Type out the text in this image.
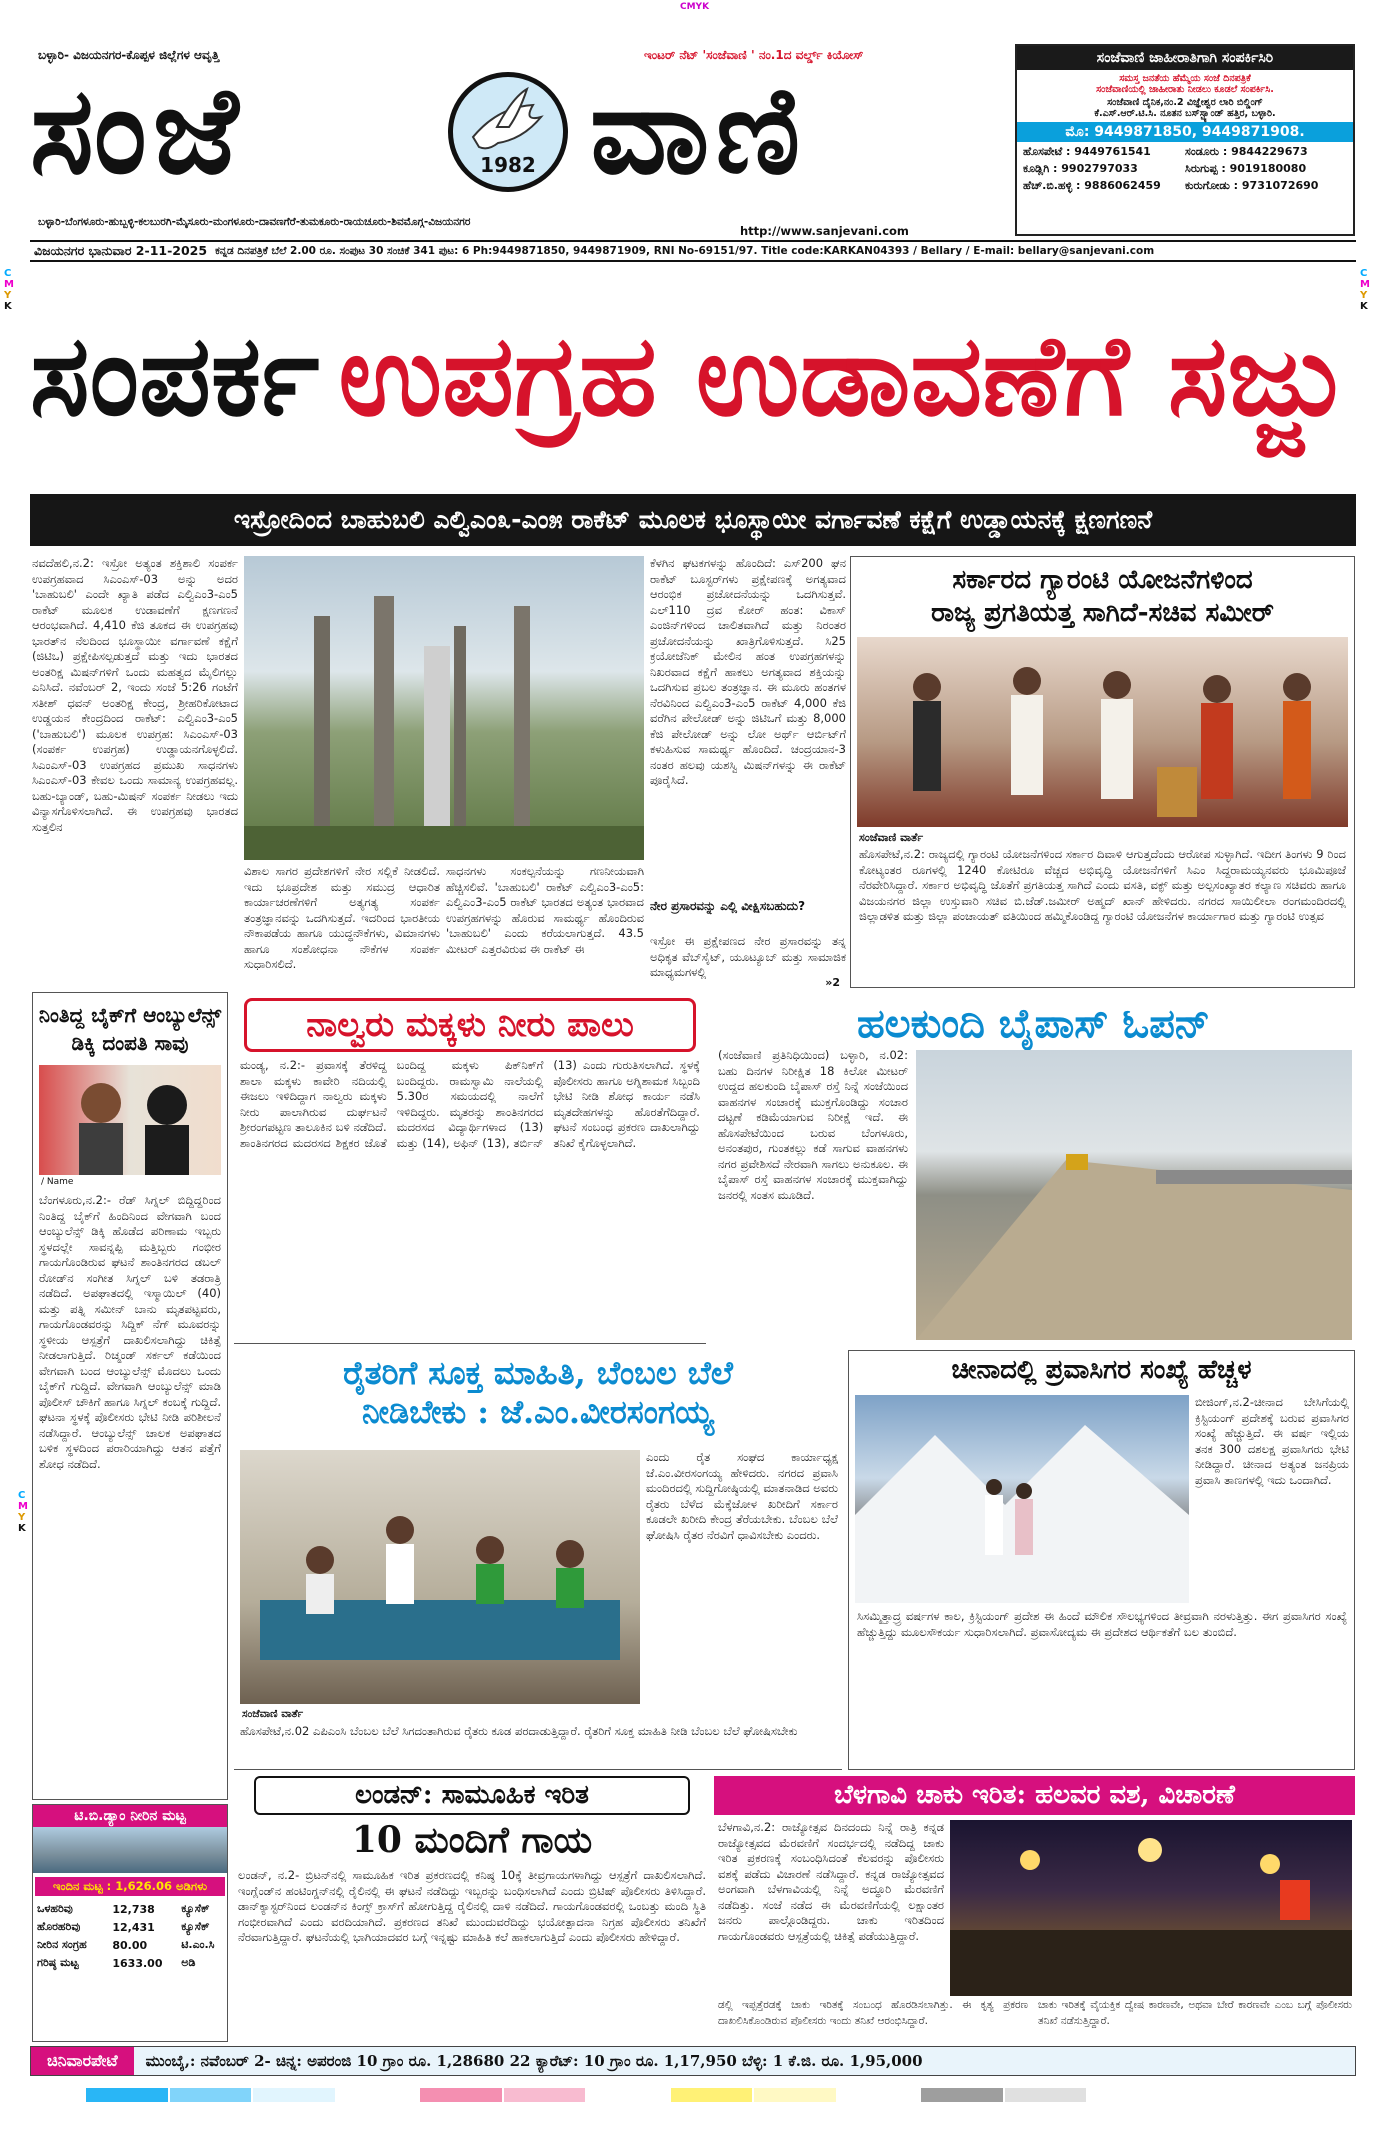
CMYK
C
M
Y
K
C
M
Y
K
C
M
Y
K
ಬಳ್ಳಾರಿ- ವಿಜಯನಗರ-ಕೊಪ್ಪಳ ಜಿಲ್ಲೆಗಳ ಆವೃತ್ತಿ	ಇಂಟರ್ ನೆಟ್ 'ಸಂಜೆವಾಣಿ ' ನಂ.1ದ ವರ್ಲ್ಡ್ ಕಿಯೋಸ್
ಸಂಜೆ	1982 ವಾಣಿ
ಬಳ್ಳಾರಿ-ಬೆಂಗಳೂರು-ಹುಬ್ಬಳ್ಳಿ-ಕಲಬುರಗಿ-ಮೈಸೂರು-ಮಂಗಳೂರು-ದಾವಣಗೆರೆ-ತುಮಕೂರು-ರಾಯಚೂರು-ಶಿವಮೊಗ್ಗ-ವಿಜಯನಗರ
http://www.sanjevani.com
ಸಂಜೆವಾಣಿ ಜಾಹೀರಾತಿಗಾಗಿ ಸಂಪರ್ಕಿಸಿರಿ
ಸಮಸ್ತ ಜನತೆಯ ಹೆಮ್ಮೆಯ ಸಂಜೆ ದಿನಪತ್ರಿಕೆ
ಸಂಜೆವಾಣಿಯಲ್ಲಿ ಜಾಹೀರಾತು ನೀಡಲು ಕೂಡಲೆ ಸಂಪರ್ಕಿಸಿ.
ಸಂಜೆವಾಣಿ ದೈನಿಕ,ನಂ.2 ವಿಜ್ಞೇಶ್ವರ ಲಾರಿ ಬಿಲ್ಡಿಂಗ್
ಕೆ.ಎಸ್.ಆರ್.ಟಿ.ಸಿ. ನೂತನ ಬಸ್‌ಸ್ಟ್ಯಾಂಡ್ ಹತ್ತಿರ, ಬಳ್ಳಾರಿ.
ಮೊ: 9449871850, 9449871908.
ಹೊಸಪೇಟೆ : 9449761541	ಸಂಡೂರು : 9844229673
ಕೂಡ್ಲಿಗಿ : 9902797033	ಸಿರುಗುಪ್ಪ : 9019180080
ಹೆಚ್.ಬಿ.ಹಳ್ಳಿ : 9886062459	ಕುರುಗೋಡು : 9731072690
ವಿಜಯನಗರ ಭಾನುವಾರ 2-11-2025 ಕನ್ನಡ ದಿನಪತ್ರಿಕೆ ಬೆಲೆ 2.00 ರೂ. ಸಂಪುಟ 30 ಸಂಚಿಕೆ 341 ಪುಟ: 6 Ph:9449871850, 9449871909, RNI No-69151/97. Title code:KARKAN04393 / Bellary / E-mail: bellary@sanjevani.com
ಸಂಪರ್ಕ ಉಪಗ್ರಹ ಉಡಾವಣೆಗೆ ಸಜ್ಜು
ಇಸ್ರೋದಿಂದ ಬಾಹುಬಲಿ ಎಲ್ವಿಎಂ೩-ಎಂ೫ ರಾಕೆಟ್ ಮೂಲಕ ಭೂಸ್ಥಾಯೀ ವರ್ಗಾವಣೆ ಕಕ್ಷೆಗೆ ಉಡ್ಡಾಯನಕ್ಕೆ ಕ್ಷಣಗಣನೆ
ನವದೆಹಲಿ,ನ.2: ಇಸ್ರೋ ಅತ್ಯಂತ ಶಕ್ತಿಶಾಲಿ ಸಂಪರ್ಕ ಉಪಗ್ರಹವಾದ ಸಿಎಂಎಸ್-03 ಅನ್ನು ಅದರ 'ಬಾಹುಬಲಿ' ಎಂದೇ ಖ್ಯಾತಿ ಪಡೆದ ಎಲ್ವಿಎಂ3-ಎಂ5 ರಾಕೆಟ್ ಮೂಲಕ ಉಡಾವಣೆಗೆ ಕ್ಷಣಗಣನೆ ಆರಂಭವಾಗಿದೆ. 4,410 ಕೆಜಿ ತೂಕದ ಈ ಉಪಗ್ರಹವು ಭಾರತ್‌ನ ನೆಲದಿಂದ ಭೂಸ್ಥಾಯೀ ವರ್ಗಾವಣೆ ಕಕ್ಷೆಗೆ (ಜಿಟಿಒ) ಪ್ರಕ್ಷೇಪಿಸಲ್ಪಡುತ್ತದೆ ಮತ್ತು ಇದು ಭಾರತದ ಅಂತರಿಕ್ಷ ಮಿಷನ್‌ಗಳಿಗೆ ಒಂದು ಮಹತ್ವದ ಮೈಲಿಗಲ್ಲು ಎನಿಸಿದೆ. ನವೆಂಬರ್ 2, ಇಂದು ಸಂಜೆ 5:26 ಗಂಟೆಗೆ ಸತೀಶ್ ಧವನ್ ಅಂತರಿಕ್ಷ ಕೇಂದ್ರ, ಶ್ರೀಹರಿಕೋಟಾದ ಉಡ್ಡಯನ ಕೇಂದ್ರದಿಂದ ರಾಕೆಟ್: ಎಲ್ವಿಎಂ3-ಎಂ5 ('ಬಾಹುಬಲಿ') ಮೂಲಕ ಉಪಗ್ರಹ: ಸಿಎಂಎಸ್-03 (ಸಂಪರ್ಕ ಉಪಗ್ರಹ) ಉಡ್ಡಾಯನಗೊಳ್ಳಲಿದೆ. ಸಿಎಂಎಸ್-03 ಉಪಗ್ರಹದ ಪ್ರಮುಖ ಸಾಧನಗಳು ಸಿಎಂಎಸ್-03 ಕೇವಲ ಒಂದು ಸಾಮಾನ್ಯ ಉಪಗ್ರಹವಲ್ಲ. ಬಹು-ಬ್ಯಾಂಡ್, ಬಹು-ಮಿಷನ್ ಸಂಪರ್ಕ ನೀಡಲು ಇದು ವಿನ್ಯಾಸಗೊಳಿಸಲಾಗಿದೆ. ಈ ಉಪಗ್ರಹವು ಭಾರತದ ಸುತ್ತಲಿನ
ವಿಶಾಲ ಸಾಗರ ಪ್ರದೇಶಗಳಿಗೆ ನೇರ ಸಲ್ಲಿಕೆ ನೀಡಲಿದೆ. ಇದು ಭೂಪ್ರದೇಶ ಮತ್ತು ಸಮುದ್ರ ಆಧಾರಿತ ಕಾರ್ಯಾಚರಣೆಗಳಿಗೆ ಅತ್ಯಗತ್ಯ ಸಂಪರ್ಕ ತಂತ್ರಜ್ಞಾನವನ್ನು ಒದಗಿಸುತ್ತದೆ. ಇದರಿಂದ ಭಾರತೀಯ ನೌಕಾಪಡೆಯ ಹಾಗೂ ಯುದ್ಧನೌಕೆಗಳು, ವಿಮಾನಗಳು ಹಾಗೂ ಸಂಶೋಧನಾ ನೌಕೆಗಳ ಸಂಪರ್ಕ ಸುಧಾರಿಸಲಿದೆ.
ಸಾಧನಗಳು ಸಂಕಲ್ಪನೆಯನ್ನು ಗಣನೀಯವಾಗಿ ಹೆಚ್ಚಿಸಲಿವೆ. 'ಬಾಹುಬಲಿ' ರಾಕೆಟ್ ಎಲ್ವಿಎಂ3-ಎಂ5: ಎಲ್ವಿಎಂ3-ಎಂ5 ರಾಕೆಟ್ ಭಾರತದ ಅತ್ಯಂತ ಭಾರವಾದ ಉಪಗ್ರಹಗಳನ್ನು ಹೊರುವ ಸಾಮರ್ಥ್ಯ ಹೊಂದಿರುವ 'ಬಾಹುಬಲಿ' ಎಂದು ಕರೆಯಲಾಗುತ್ತದೆ. 43.5 ಮೀಟರ್ ಎತ್ತರವಿರುವ ಈ ರಾಕೆಟ್ ಈ
ಕೆಳಗಿನ ಘಟಕಗಳನ್ನು ಹೊಂದಿದೆ: ಎಸ್200 ಘನ ರಾಕೆಟ್ ಬೂಸ್ಟರ್‌ಗಳು ಪ್ರಕ್ಷೇಪಣಕ್ಕೆ ಅಗತ್ಯವಾದ ಆರಂಭಿಕ ಪ್ರಚೋದನೆಯನ್ನು ಒದಗಿಸುತ್ತವೆ. ಎಲ್110 ದ್ರವ ಕೋರ್ ಹಂತ: ವಿಕಾಸ್ ಎಂಜಿನ್‌ಗಳಿಂದ ಚಾಲಿತವಾಗಿದೆ ಮತ್ತು ನಿರಂತರ ಪ್ರಚೋದನೆಯನ್ನು ಖಾತ್ರಿಗೊಳಿಸುತ್ತದೆ. ಸಿ25 ಕ್ರಯೋಜೆನಿಕ್ ಮೇಲಿನ ಹಂತ ಉಪಗ್ರಹಗಳನ್ನು ನಿಖರವಾದ ಕಕ್ಷೆಗೆ ಹಾಕಲು ಅಗತ್ಯವಾದ ಶಕ್ತಿಯನ್ನು ಒದಗಿಸುವ ಪ್ರಬಲ ತಂತ್ರಜ್ಞಾನ. ಈ ಮೂರು ಹಂತಗಳ ನೆರವಿನಿಂದ ಎಲ್ವಿಎಂ3-ಎಂ5 ರಾಕೆಟ್ 4,000 ಕೆಜಿ ವರೆಗಿನ ಪೇಲೋಡ್ ಅನ್ನು ಜಿಟಿಒಗೆ ಮತ್ತು 8,000 ಕೆಜಿ ಪೇಲೋಡ್ ಅನ್ನು ಲೋ ಅರ್ಥ್ ಆರ್ಬಿಟ್‌ಗೆ ಕಳುಹಿಸುವ ಸಾಮರ್ಥ್ಯ ಹೊಂದಿದೆ. ಚಂದ್ರಯಾನ-3 ನಂತರ ಹಲವು ಯಶಸ್ವಿ ಮಿಷನ್‌ಗಳನ್ನು ಈ ರಾಕೆಟ್ ಪೂರೈಸಿದೆ.
ನೇರ ಪ್ರಸಾರವನ್ನು ಎಲ್ಲಿ ವೀಕ್ಷಿಸಬಹುದು?
ಇಸ್ರೋ ಈ ಪ್ರಕ್ಷೇಪಣದ ನೇರ ಪ್ರಸಾರವನ್ನು ತನ್ನ ಅಧಿಕೃತ ವೆಬ್‌ಸೈಟ್, ಯೂಟ್ಯೂಬ್ ಮತ್ತು ಸಾಮಾಜಿಕ ಮಾಧ್ಯಮಗಳಲ್ಲಿ
»2
ಸರ್ಕಾರದ ಗ್ಯಾರಂಟಿ ಯೋಜನೆಗಳಿಂದ
ರಾಜ್ಯ ಪ್ರಗತಿಯತ್ತ ಸಾಗಿದೆ-ಸಚಿವ ಸಮೀರ್
ಸಂಜೆವಾಣಿ ವಾರ್ತೆ
ಹೊಸಪೇಟೆ,ನ.2: ರಾಜ್ಯದಲ್ಲಿ ಗ್ಯಾರಂಟಿ ಯೋಜನೆಗಳಿಂದ ಸರ್ಕಾರ ದಿವಾಳಿ ಆಗುತ್ತದೆಂದು ಆರೋಪ ಸುಳ್ಳಾಗಿದೆ. ಇದೀಗ ತಿಂಗಳು 9 ರಿಂದ ಕೋಟ್ಯಂತರ ರೂಗಳಲ್ಲಿ 1240 ಕೋಟಿರೂ ವೆಚ್ಚದ ಅಭಿವೃದ್ಧಿ ಯೋಜನೆಗಳಿಗೆ ಸಿಎಂ ಸಿದ್ದರಾಮಯ್ಯನವರು ಭೂಮಿಪೂಜೆ ನೆರವೇರಿಸಿದ್ದಾರೆ. ಸರ್ಕಾರ ಅಭಿವೃದ್ಧಿ ಜೊತೆಗೆ ಪ್ರಗತಿಯತ್ತ ಸಾಗಿದೆ ಎಂದು ವಸತಿ, ವಕ್ಫ್ ಮತ್ತು ಅಲ್ಪಸಂಖ್ಯಾತರ ಕಲ್ಯಾಣ ಸಚಿವರು ಹಾಗೂ ವಿಜಯನಗರ ಜಿಲ್ಲಾ ಉಸ್ತುವಾರಿ ಸಚಿವ ಬಿ.ಜೆಡ್.ಜಮೀರ್ ಅಹ್ಮದ್ ಖಾನ್ ಹೇಳಿದರು. ನಗರದ ಸಾಯಿಲೀಲಾ ರಂಗಮಂದಿರದಲ್ಲಿ ಜಿಲ್ಲಾಡಳಿತ ಮತ್ತು ಜಿಲ್ಲಾ ಪಂಚಾಯತ್ ವತಿಯಿಂದ ಹಮ್ಮಿಕೊಂಡಿದ್ದ ಗ್ಯಾರಂಟಿ ಯೋಜನೆಗಳ ಕಾರ್ಯಾಗಾರ ಮತ್ತು ಗ್ಯಾರಂಟಿ ಉತ್ಸವ
ನಿಂತಿದ್ದ ಬೈಕ್‌ಗೆ ಆಂಬ್ಯುಲೆನ್ಸ್ ಡಿಕ್ಕಿ ದಂಪತಿ ಸಾವು
/ Name
ಬೆಂಗಳೂರು,ನ.2:- ರೆಡ್ ಸಿಗ್ನಲ್ ಬಿದ್ದಿದ್ದರಿಂದ ನಿಂತಿದ್ದ ಬೈಕ್‌ಗೆ ಹಿಂದಿನಿಂದ ವೇಗವಾಗಿ ಬಂದ ಆಂಬ್ಯುಲೆನ್ಸ್ ಡಿಕ್ಕಿ ಹೊಡೆದ ಪರಿಣಾಮ ಇಬ್ಬರು ಸ್ಥಳದಲ್ಲೇ ಸಾವನ್ನಪ್ಪಿ ಮತ್ತಿಬ್ಬರು ಗಂಭೀರ ಗಾಯಗೊಂಡಿರುವ ಘಟನೆ ಶಾಂತಿನಗರದ ಡಬಲ್ ರೋಡ್‌ನ ಸಂಗೀತ ಸಿಗ್ನಲ್ ಬಳಿ ತಡರಾತ್ರಿ ನಡೆದಿದೆ. ಅಪಘಾತದಲ್ಲಿ ಇಸ್ಮಾಯಿಲ್ (40) ಮತ್ತು ಪತ್ನಿ ಸಮೀನ್ ಬಾನು ಮೃತಪಟ್ಟವರು, ಗಾಯಗೊಂಡವರನ್ನು ಸಿದ್ದಿಕ್ ನೆಗ್ ಮೂವರನ್ನು ಸ್ಥಳೀಯ ಆಸ್ಪತ್ರೆಗೆ ದಾಖಲಿಸಲಾಗಿದ್ದು ಚಿಕಿತ್ಸೆ ನೀಡಲಾಗುತ್ತಿದೆ. ರಿಚ್ಮಂಡ್ ಸರ್ಕಲ್ ಕಡೆಯಿಂದ ವೇಗವಾಗಿ ಬಂದ ಆಂಬ್ಯುಲೆನ್ಸ್ ಮೊದಲು ಒಂದು ಬೈಕ್‌ಗೆ ಗುದ್ದಿದೆ. ವೇಗವಾಗಿ ಆಂಬ್ಯುಲೆನ್ಸ್ ಮಾಡಿ ಪೊಲೀಸ್ ಚೌಕಿಗೆ ಹಾಗೂ ಸಿಗ್ನಲ್ ಕಂಬಕ್ಕೆ ಗುದ್ದಿದೆ. ಘಟನಾ ಸ್ಥಳಕ್ಕೆ ಪೊಲೀಸರು ಭೇಟಿ ನೀಡಿ ಪರಿಶೀಲನೆ ನಡೆಸಿದ್ದಾರೆ. ಆಂಬ್ಯುಲೆನ್ಸ್ ಚಾಲಕ ಅಪಘಾತದ ಬಳಿಕ ಸ್ಥಳದಿಂದ ಪರಾರಿಯಾಗಿದ್ದು ಆತನ ಪತ್ತೆಗೆ ಶೋಧ ನಡೆದಿದೆ.
ನಾಲ್ವರು ಮಕ್ಕಳು ನೀರು ಪಾಲು
ಮಂಡ್ಯ, ನ.2:- ಪ್ರವಾಸಕ್ಕೆ ತೆರಳಿದ್ದ ಶಾಲಾ ಮಕ್ಕಳು ಕಾವೇರಿ ನದಿಯಲ್ಲಿ ಈಜಲು ಇಳಿದಿದ್ದಾಗ ನಾಲ್ವರು ಮಕ್ಕಳು ನೀರು ಪಾಲಾಗಿರುವ ದುರ್ಘಟನೆ ಶ್ರೀರಂಗಪಟ್ಟಣ ತಾಲೂಕಿನ ಬಳಿ ನಡೆದಿದೆ. ಶಾಂತಿನಗರದ ಮದರಸದ ಶಿಕ್ಷಕರ ಜೊತೆ ಬಂದಿದ್ದ ಮಕ್ಕಳು ಪಿಕ್‌ನಿಕ್‌ಗೆ ಬಂದಿದ್ದರು. ರಾಮಸ್ವಾಮಿ ನಾಲೆಯಲ್ಲಿ 5.30ರ ಸಮಯದಲ್ಲಿ ನಾಲೆಗೆ ಇಳಿದಿದ್ದರು. ಮೃತರನ್ನು ಶಾಂತಿನಗರದ ಮದರಸದ ವಿದ್ಯಾರ್ಥಿಗಳಾದ (13) ಮತ್ತು (14), ಅಫಿನ್ (13), ತರ್ಬಿನ್ (13) ಎಂದು ಗುರುತಿಸಲಾಗಿದೆ. ಸ್ಥಳಕ್ಕೆ ಪೊಲೀಸರು ಹಾಗೂ ಅಗ್ನಿಶಾಮಕ ಸಿಬ್ಬಂದಿ ಭೇಟಿ ನೀಡಿ ಶೋಧ ಕಾರ್ಯ ನಡೆಸಿ ಮೃತದೇಹಗಳನ್ನು ಹೊರತೆಗೆದಿದ್ದಾರೆ. ಘಟನೆ ಸಂಬಂಧ ಪ್ರಕರಣ ದಾಖಲಾಗಿದ್ದು ತನಿಖೆ ಕೈಗೊಳ್ಳಲಾಗಿದೆ.
ಹಲಕುಂದಿ ಬೈಪಾಸ್ ಓಪನ್
(ಸಂಜೆವಾಣಿ ಪ್ರತಿನಿಧಿಯಿಂದ) ಬಳ್ಳಾರಿ, ನ.02: ಬಹು ದಿನಗಳ ನಿರೀಕ್ಷಿತ 18 ಕಿಲೋ ಮೀಟರ್ ಉದ್ದದ ಹಲಕುಂದಿ ಬೈಪಾಸ್ ರಸ್ತೆ ನಿನ್ನೆ ಸಂಜೆಯಿಂದ ವಾಹನಗಳ ಸಂಚಾರಕ್ಕೆ ಮುಕ್ತಗೊಂಡಿದ್ದು ಸಂಚಾರ ದಟ್ಟಣೆ ಕಡಿಮೆಯಾಗುವ ನಿರೀಕ್ಷೆ ಇದೆ. ಈ ಹೊಸಪೇಟೆಯಿಂದ ಬರುವ ಬೆಂಗಳೂರು, ಅನಂತಪುರ, ಗುಂತಕಲ್ಲು ಕಡೆ ಸಾಗುವ ವಾಹನಗಳು ನಗರ ಪ್ರವೇಶಿಸದೆ ನೇರವಾಗಿ ಸಾಗಲು ಅನುಕೂಲ. ಈ ಬೈಪಾಸ್ ರಸ್ತೆ ವಾಹನಗಳ ಸಂಚಾರಕ್ಕೆ ಮುಕ್ತವಾಗಿದ್ದು ಜನರಲ್ಲಿ ಸಂತಸ ಮೂಡಿದೆ.
ರೈತರಿಗೆ ಸೂಕ್ತ ಮಾಹಿತಿ, ಬೆಂಬಲ ಬೆಲೆ
ನೀಡಿಬೇಕು : ಜೆ.ಎಂ.ವೀರಸಂಗಯ್ಯ
ಸಂಜೆವಾಣಿ ವಾರ್ತೆ
ಎಂದು ರೈತ ಸಂಘದ ಕಾರ್ಯಾಧ್ಯಕ್ಷ ಜೆ.ಎಂ.ವೀರಸಂಗಯ್ಯ ಹೇಳಿದರು. ನಗರದ ಪ್ರವಾಸಿ ಮಂದಿರದಲ್ಲಿ ಸುದ್ದಿಗೋಷ್ಠಿಯಲ್ಲಿ ಮಾತನಾಡಿದ ಅವರು ರೈತರು ಬೆಳೆದ ಮೆಕ್ಕೆಜೋಳ ಖರೀದಿಗೆ ಸರ್ಕಾರ ಕೂಡಲೇ ಖರೀದಿ ಕೇಂದ್ರ ತೆರೆಯಬೇಕು. ಬೆಂಬಲ ಬೆಲೆ ಘೋಷಿಸಿ ರೈತರ ನೆರವಿಗೆ ಧಾವಿಸಬೇಕು ಎಂದರು.
ಹೊಸಪೇಟೆ,ನ.02 ಎಪಿಎಂಸಿ ಬೆಂಬಲ ಬೆಲೆ ಸಿಗದಂತಾಗಿರುವ ರೈತರು ಕೂಡ ಪರದಾಡುತ್ತಿದ್ದಾರೆ. ರೈತರಿಗೆ ಸೂಕ್ತ ಮಾಹಿತಿ ನೀಡಿ ಬೆಂಬಲ ಬೆಲೆ ಘೋಷಿಸಬೇಕು
ಚೀನಾದಲ್ಲಿ ಪ್ರವಾಸಿಗರ ಸಂಖ್ಯೆ ಹೆಚ್ಚಳ
ಬೀಜಿಂಗ್,ನ.2-ಚೀನಾದ ಬೇಸಿಗೆಯಲ್ಲಿ ಕ್ರಿಸ್ಟಿಯಂಗ್ ಪ್ರದೇಶಕ್ಕೆ ಬರುವ ಪ್ರವಾಸಿಗರ ಸಂಖ್ಯೆ ಹೆಚ್ಚುತ್ತಿದೆ. ಈ ವರ್ಷ ಇಲ್ಲಿಯ ತನಕ 300 ದಶಲಕ್ಷ ಪ್ರವಾಸಿಗರು ಭೇಟಿ ನೀಡಿದ್ದಾರೆ. ಚೀನಾದ ಅತ್ಯಂತ ಜನಪ್ರಿಯ ಪ್ರವಾಸಿ ತಾಣಗಳಲ್ಲಿ ಇದು ಒಂದಾಗಿದೆ.
ಸಿಸಮ್ಮಿತ್ತಾದ್ರ್ರ ವರ್ಷಗಳ ಕಾಲ, ಕ್ರಿಸ್ಟಿಯಂಗ್ ಪ್ರದೇಶ ಈ ಹಿಂದೆ ಮೌಲಿಕ ಸೌಲಭ್ಯಗಳಿಂದ ತೀವ್ರವಾಗಿ ನರಳುತ್ತಿತ್ತು. ಈಗ ಪ್ರವಾಸಿಗರ ಸಂಖ್ಯೆ ಹೆಚ್ಚುತ್ತಿದ್ದು ಮೂಲಸೌಕರ್ಯ ಸುಧಾರಿಸಲಾಗಿದೆ. ಪ್ರವಾಸೋದ್ಯಮ ಈ ಪ್ರದೇಶದ ಆರ್ಥಿಕತೆಗೆ ಬಲ ತುಂಬಿದೆ.
ಲಂಡನ್: ಸಾಮೂಹಿಕ ಇರಿತ
10 ಮಂದಿಗೆ ಗಾಯ
ಲಂಡನ್, ನ.2- ಬ್ರಿಟನ್‌ನಲ್ಲಿ ಸಾಮೂಹಿಕ ಇರಿತ ಪ್ರಕರಣದಲ್ಲಿ ಕನಿಷ್ಠ 10ಕ್ಕೆ ತೀವ್ರಗಾಯಗಳಾಗಿದ್ದು ಆಸ್ಪತ್ರೆಗೆ ದಾಖಲಿಸಲಾಗಿದೆ. ಇಂಗ್ಲೆಂಡ್‌ನ ಹಂಟಿಂಗ್ಡನ್‌ನಲ್ಲಿ ರೈಲಿನಲ್ಲಿ ಈ ಘಟನೆ ನಡೆದಿದ್ದು ಇಬ್ಬರನ್ನು ಬಂಧಿಸಲಾಗಿದೆ ಎಂದು ಬ್ರಿಟಿಷ್ ಪೊಲೀಸರು ತಿಳಿಸಿದ್ದಾರೆ. ಡಾನ್‌ಕ್ಯಾಸ್ಟರ್‌ನಿಂದ ಲಂಡನ್‌ನ ಕಿಂಗ್ಸ್ ಕ್ರಾಸ್‌ಗೆ ಹೋಗುತ್ತಿದ್ದ ರೈಲಿನಲ್ಲಿ ದಾಳಿ ನಡೆದಿದೆ. ಗಾಯಗೊಂಡವರಲ್ಲಿ ಒಂಬತ್ತು ಮಂದಿ ಸ್ಥಿತಿ ಗಂಭೀರವಾಗಿದೆ ಎಂದು ವರದಿಯಾಗಿದೆ. ಪ್ರಕರಣದ ತನಿಖೆ ಮುಂದುವರೆದಿದ್ದು ಭಯೋತ್ಪಾದನಾ ನಿಗ್ರಹ ಪೊಲೀಸರು ತನಿಖೆಗೆ ನೆರವಾಗುತ್ತಿದ್ದಾರೆ. ಘಟನೆಯಲ್ಲಿ ಭಾಗಿಯಾದವರ ಬಗ್ಗೆ ಇನ್ನಷ್ಟು ಮಾಹಿತಿ ಕಲೆ ಹಾಕಲಾಗುತ್ತಿದೆ ಎಂದು ಪೊಲೀಸರು ಹೇಳಿದ್ದಾರೆ.
ಬೆಳಗಾವಿ ಚಾಕು ಇರಿತ: ಹಲವರ ವಶ, ವಿಚಾರಣೆ
ಬೆಳಗಾವಿ,ನ.2: ರಾಜ್ಯೋತ್ಸವ ದಿನದಂದು ನಿನ್ನೆ ರಾತ್ರಿ ಕನ್ನಡ ರಾಜ್ಯೋತ್ಸವದ ಮೆರವಣಿಗೆ ಸಂದರ್ಭದಲ್ಲಿ ನಡೆದಿದ್ದ ಚಾಕು ಇರಿತ ಪ್ರಕರಣಕ್ಕೆ ಸಂಬಂಧಿಸಿದಂತೆ ಕೆಲವರನ್ನು ಪೊಲೀಸರು ವಶಕ್ಕೆ ಪಡೆದು ವಿಚಾರಣೆ ನಡೆಸಿದ್ದಾರೆ. ಕನ್ನಡ ರಾಜ್ಯೋತ್ಸವದ ಅಂಗವಾಗಿ ಬೆಳಗಾವಿಯಲ್ಲಿ ನಿನ್ನೆ ಅದ್ಧೂರಿ ಮೆರವಣಿಗೆ ನಡೆದಿತ್ತು. ಸಂಜೆ ನಡೆದ ಈ ಮೆರವಣಿಗೆಯಲ್ಲಿ ಲಕ್ಷಾಂತರ ಜನರು ಪಾಲ್ಗೊಂಡಿದ್ದರು. ಚಾಕು ಇರಿತದಿಂದ ಗಾಯಗೊಂಡವರು ಆಸ್ಪತ್ರೆಯಲ್ಲಿ ಚಿಕಿತ್ಸೆ ಪಡೆಯುತ್ತಿದ್ದಾರೆ.
ಡಲ್ಲಿ ಇಪ್ಪತ್ತೆರಡಕ್ಕೆ ಚಾಕು ಇರಿತಕ್ಕೆ ಸಂಬಂಧ ಹೊರಡಿಸಲಾಗಿತ್ತು. ಈ ಕೃತ್ಯ ಪ್ರಕರಣ ದಾಖಲಿಸಿಕೊಂಡಿರುವ ಪೊಲೀಸರು ಇಂದು ತನಿಖೆ ಆರಂಭಿಸಿದ್ದಾರೆ.
ಚಾಕು ಇರಿತಕ್ಕೆ ವೈಯಕ್ತಿಕ ದ್ವೇಷ ಕಾರಣವೇ, ಅಥವಾ ಬೇರೆ ಕಾರಣವೇ ಎಂಬ ಬಗ್ಗೆ ಪೊಲೀಸರು ತನಿಖೆ ನಡೆಸುತ್ತಿದ್ದಾರೆ.
ಟಿ.ಬಿ.ಡ್ಯಾಂ ನೀರಿನ ಮಟ್ಟ
ಇಂದಿನ ಮಟ್ಟ : 1,626.06 ಅಡಿಗಳು
ಒಳಹರಿವು	12,738	ಕ್ಯೂಸೆಕ್
ಹೊರಹರಿವು	12,431	ಕ್ಯೂಸೆಕ್
ನೀರಿನ ಸಂಗ್ರಹ	80.00	ಟಿ.ಎಂ.ಸಿ
ಗರಿಷ್ಠ ಮಟ್ಟ	1633.00	ಅಡಿ
ಚಿನಿವಾರಪೇಟೆ	ಮುಂಬೈ,: ನವೆಂಬರ್ 2- ಚಿನ್ನ: ಅಪರಂಜಿ 10 ಗ್ರಾಂ ರೂ. 1,28680 22 ಕ್ಯಾರೆಟ್: 10 ಗ್ರಾಂ ರೂ. 1,17,950 ಬೆಳ್ಳಿ: 1 ಕೆ.ಜಿ. ರೂ. 1,95,000
